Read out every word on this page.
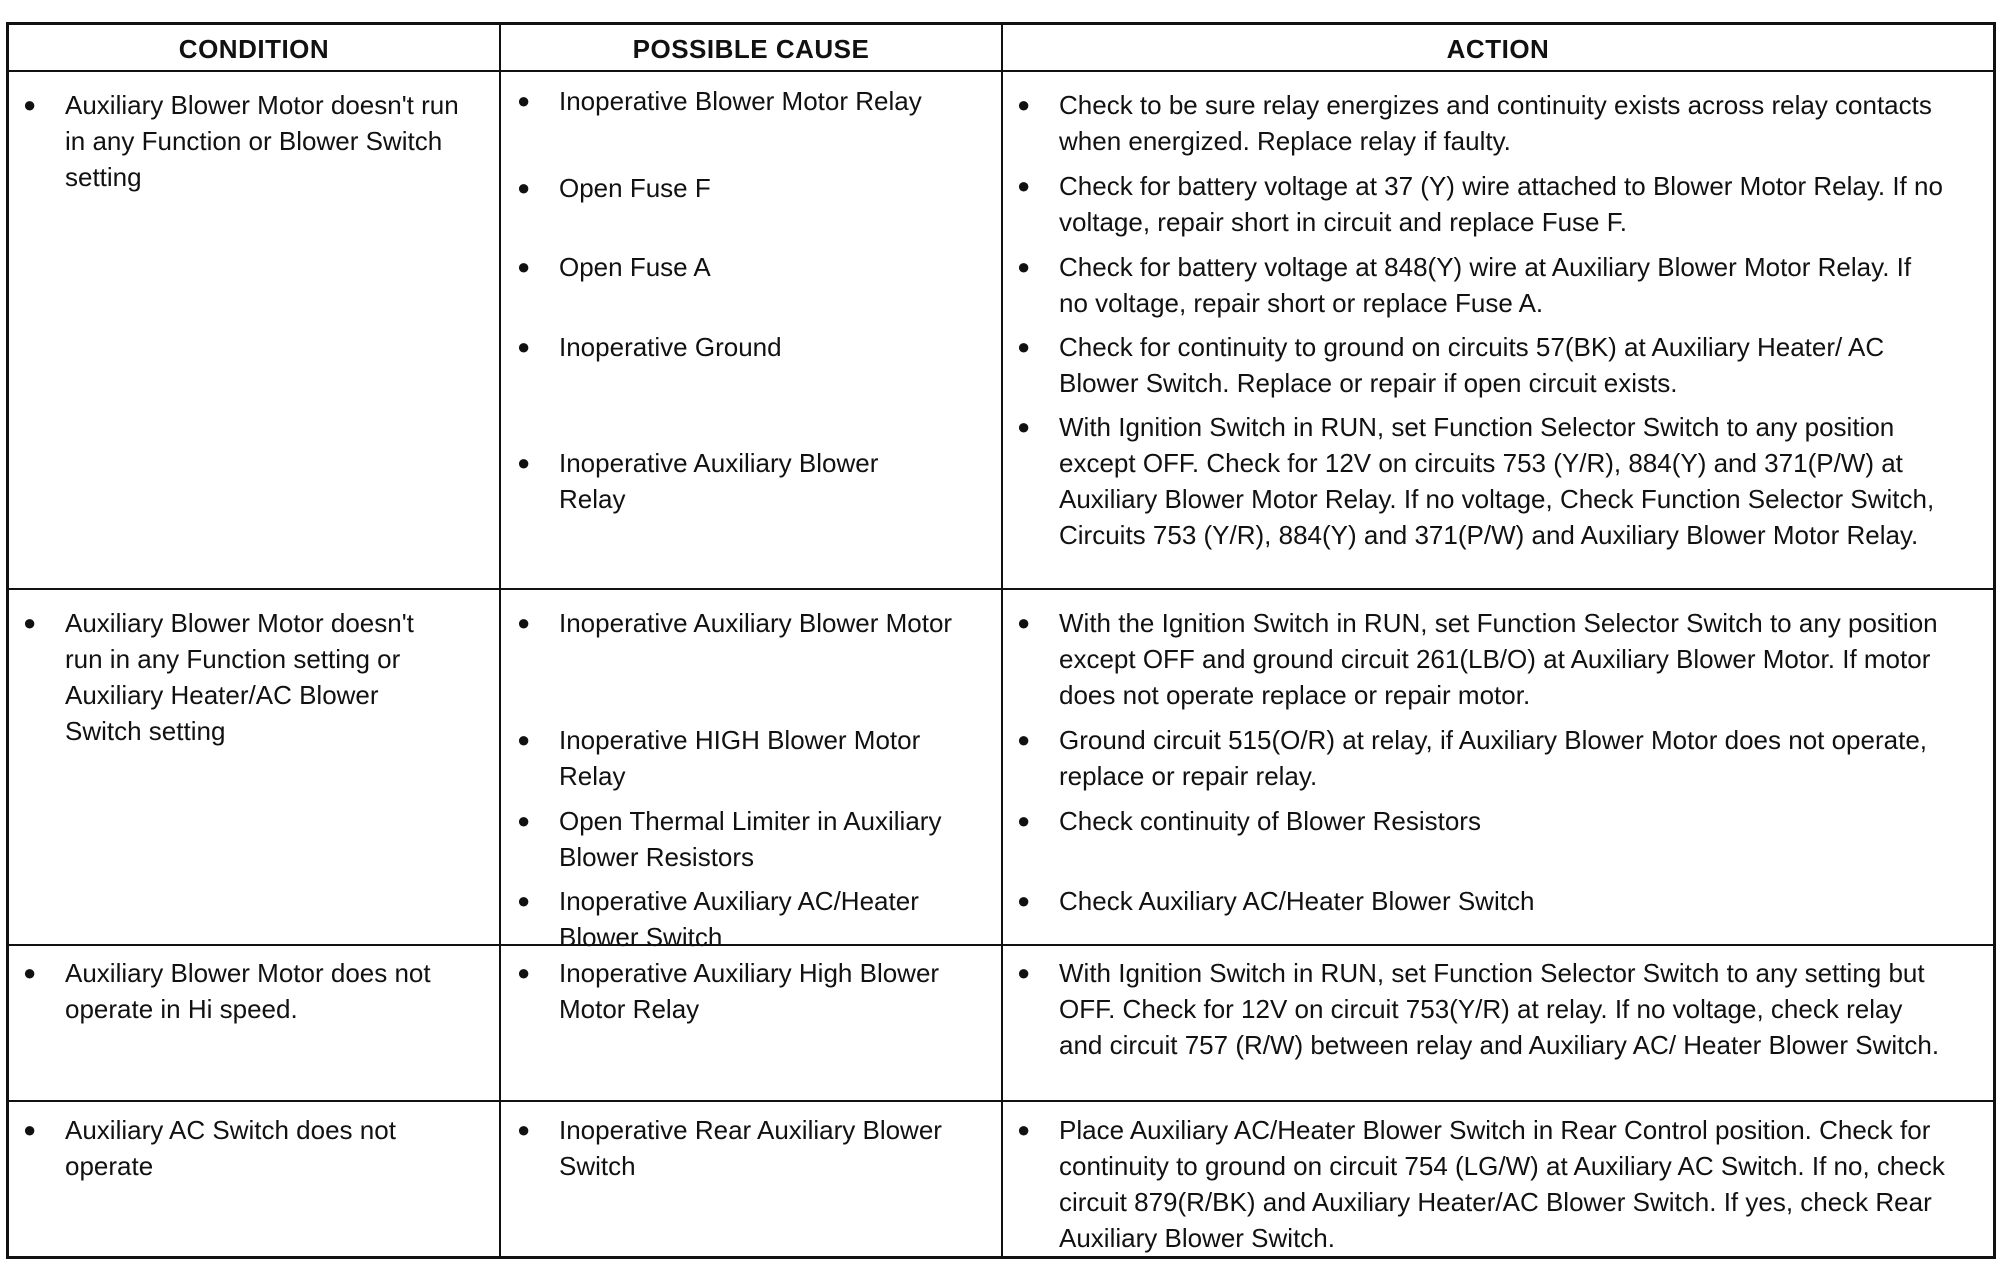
CONDITION	POSSIBLE CAUSE	ACTION
● Auxiliary Blower Motor doesn't run in any Function or Blower Switch setting
● Inoperative Blower Motor Relay
● Open Fuse F
● Open Fuse A
● Inoperative Ground
● Inoperative Auxiliary Blower Relay
● Check to be sure relay energizes and continuity exists across relay contacts when energized. Replace relay if faulty.
● Check for battery voltage at 37 (Y) wire attached to Blower Motor Relay. If no voltage, repair short in circuit and replace Fuse F.
● Check for battery voltage at 848(Y) wire at Auxiliary Blower Motor Relay. If no voltage, repair short or replace Fuse A.
● Check for continuity to ground on circuits 57(BK) at Auxiliary Heater/ AC Blower Switch. Replace or repair if open circuit exists.
● With Ignition Switch in RUN, set Function Selector Switch to any position except OFF. Check for 12V on circuits 753 (Y/R), 884(Y) and 371(P/W) at Auxiliary Blower Motor Relay. If no voltage, Check Function Selector Switch, Circuits 753 (Y/R), 884(Y) and 371(P/W) and Auxiliary Blower Motor Relay.
● Auxiliary Blower Motor doesn't run in any Function setting or Auxiliary Heater/AC Blower Switch setting
● Inoperative Auxiliary Blower Motor
● Inoperative HIGH Blower Motor Relay
● Open Thermal Limiter in Auxiliary Blower Resistors
● Inoperative Auxiliary AC/Heater Blower Switch
● With the Ignition Switch in RUN, set Function Selector Switch to any position except OFF and ground circuit 261(LB/O) at Auxiliary Blower Motor. If motor does not operate replace or repair motor.
● Ground circuit 515(O/R) at relay, if Auxiliary Blower Motor does not operate, replace or repair relay.
● Check continuity of Blower Resistors
● Check Auxiliary AC/Heater Blower Switch
● Auxiliary Blower Motor does not operate in Hi speed.
● Inoperative Auxiliary High Blower Motor Relay
● With Ignition Switch in RUN, set Function Selector Switch to any setting but OFF. Check for 12V on circuit 753(Y/R) at relay. If no voltage, check relay and circuit 757 (R/W) between relay and Auxiliary AC/ Heater Blower Switch.
● Auxiliary AC Switch does not operate
● Inoperative Rear Auxiliary Blower Switch
● Place Auxiliary AC/Heater Blower Switch in Rear Control position. Check for continuity to ground on circuit 754 (LG/W) at Auxiliary AC Switch. If no, check circuit 879(R/BK) and Auxiliary Heater/AC Blower Switch. If yes, check Rear Auxiliary Blower Switch.
